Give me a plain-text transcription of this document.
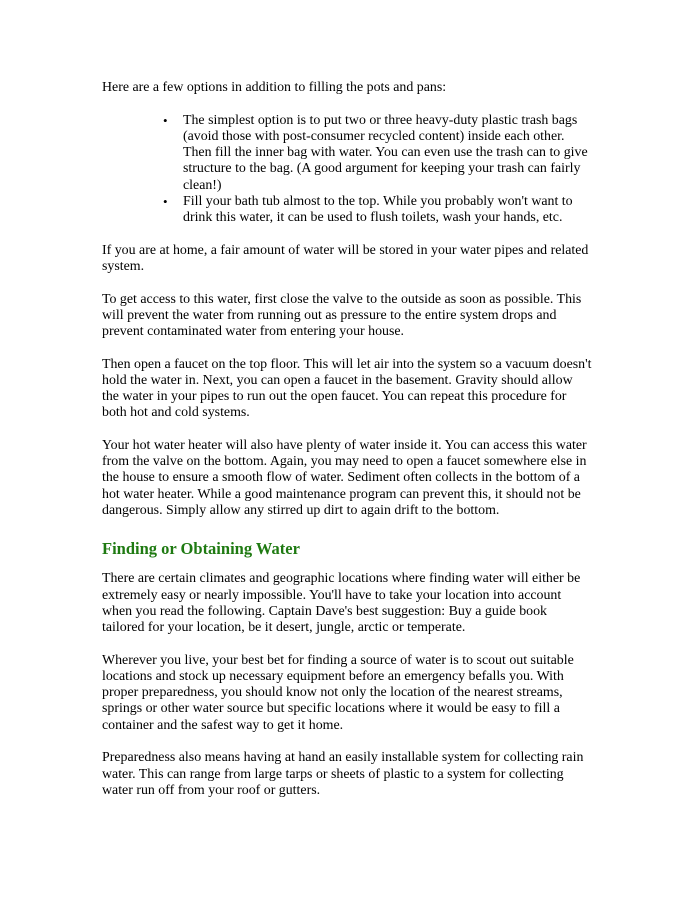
Here are a few options in addition to filling the pots and pans:

• The simplest option is to put two or three heavy-duty plastic trash bags (avoid those with post-consumer recycled content) inside each other. Then fill the inner bag with water. You can even use the trash can to give structure to the bag. (A good argument for keeping your trash can fairly clean!)
• Fill your bath tub almost to the top. While you probably won't want to drink this water, it can be used to flush toilets, wash your hands, etc.

If you are at home, a fair amount of water will be stored in your water pipes and related system.

To get access to this water, first close the valve to the outside as soon as possible. This will prevent the water from running out as pressure to the entire system drops and prevent contaminated water from entering your house.

Then open a faucet on the top floor. This will let air into the system so a vacuum doesn't hold the water in. Next, you can open a faucet in the basement. Gravity should allow the water in your pipes to run out the open faucet. You can repeat this procedure for both hot and cold systems.

Your hot water heater will also have plenty of water inside it. You can access this water from the valve on the bottom. Again, you may need to open a faucet somewhere else in the house to ensure a smooth flow of water. Sediment often collects in the bottom of a hot water heater. While a good maintenance program can prevent this, it should not be dangerous. Simply allow any stirred up dirt to again drift to the bottom.

Finding or Obtaining Water

There are certain climates and geographic locations where finding water will either be extremely easy or nearly impossible. You'll have to take your location into account when you read the following. Captain Dave's best suggestion: Buy a guide book tailored for your location, be it desert, jungle, arctic or temperate.

Wherever you live, your best bet for finding a source of water is to scout out suitable locations and stock up necessary equipment before an emergency befalls you. With proper preparedness, you should know not only the location of the nearest streams, springs or other water source but specific locations where it would be easy to fill a container and the safest way to get it home.

Preparedness also means having at hand an easily installable system for collecting rain water. This can range from large tarps or sheets of plastic to a system for collecting water run off from your roof or gutters.
